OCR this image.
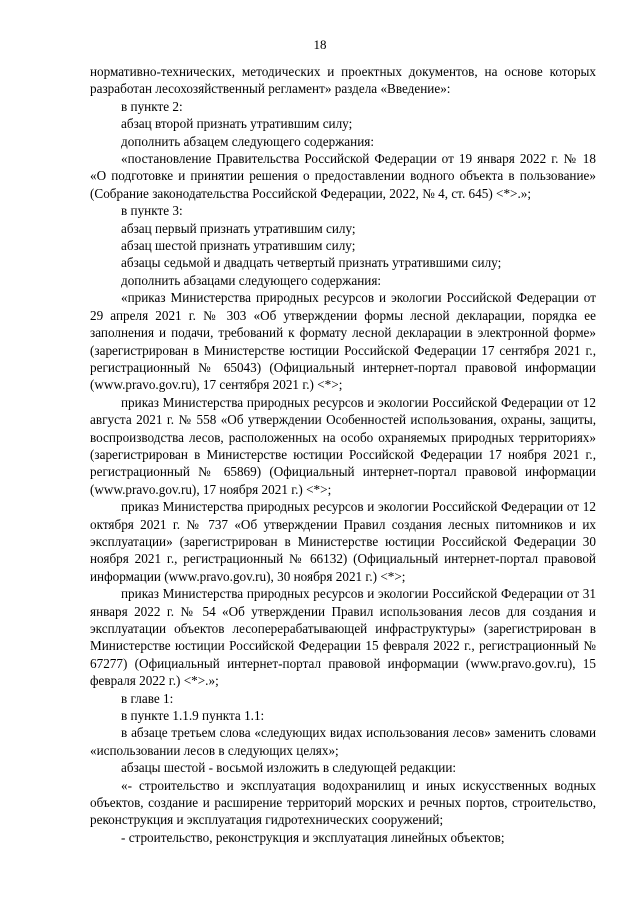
18

нормативно-технических, методических и проектных документов, на основе которых разработан лесохозяйственный регламент» раздела «Введение»:

в пункте 2:

абзац второй признать утратившим силу;

дополнить абзацем следующего содержания:

«постановление Правительства Российской Федерации от 19 января 2022 г. № 18 «О подготовке и принятии решения о предоставлении водного объекта в пользование» (Собрание законодательства Российской Федерации, 2022, № 4, ст. 645) <*>.»;

в пункте 3:

абзац первый признать утратившим силу;

абзац шестой признать утратившим силу;

абзацы седьмой и двадцать четвертый признать утратившими силу;

дополнить абзацами следующего содержания:

«приказ Министерства природных ресурсов и экологии Российской Федерации от 29 апреля 2021 г. № 303 «Об утверждении формы лесной декларации, порядка ее заполнения и подачи, требований к формату лесной декларации в электронной форме» (зарегистрирован в Министерстве юстиции Российской Федерации 17 сентября 2021 г., регистрационный № 65043) (Официальный интернет-портал правовой информации (www.pravo.gov.ru), 17 сентября 2021 г.) <*>;

приказ Министерства природных ресурсов и экологии Российской Федерации от 12 августа 2021 г. № 558 «Об утверждении Особенностей использования, охраны, защиты, воспроизводства лесов, расположенных на особо охраняемых природных территориях» (зарегистрирован в Министерстве юстиции Российской Федерации 17 ноября 2021 г., регистрационный № 65869) (Официальный интернет-портал правовой информации (www.pravo.gov.ru), 17 ноября 2021 г.) <*>;

приказ Министерства природных ресурсов и экологии Российской Федерации от 12 октября 2021 г. № 737 «Об утверждении Правил создания лесных питомников и их эксплуатации» (зарегистрирован в Министерстве юстиции Российской Федерации 30 ноября 2021 г., регистрационный № 66132) (Официальный интернет-портал правовой информации (www.pravo.gov.ru), 30 ноября 2021 г.) <*>;

приказ Министерства природных ресурсов и экологии Российской Федерации от 31 января 2022 г. № 54 «Об утверждении Правил использования лесов для создания и эксплуатации объектов лесоперерабатывающей инфраструктуры» (зарегистрирован в Министерстве юстиции Российской Федерации 15 февраля 2022 г., регистрационный № 67277) (Официальный интернет-портал правовой информации (www.pravo.gov.ru), 15 февраля 2022 г.) <*>.»;

в главе 1:

в пункте 1.1.9 пункта 1.1:

в абзаце третьем слова «следующих видах использования лесов» заменить словами «использовании лесов в следующих целях»;

абзацы шестой - восьмой изложить в следующей редакции:

«- строительство и эксплуатация водохранилищ и иных искусственных водных объектов, создание и расширение территорий морских и речных портов, строительство, реконструкция и эксплуатация гидротехнических сооружений;

- строительство, реконструкция и эксплуатация линейных объектов;
